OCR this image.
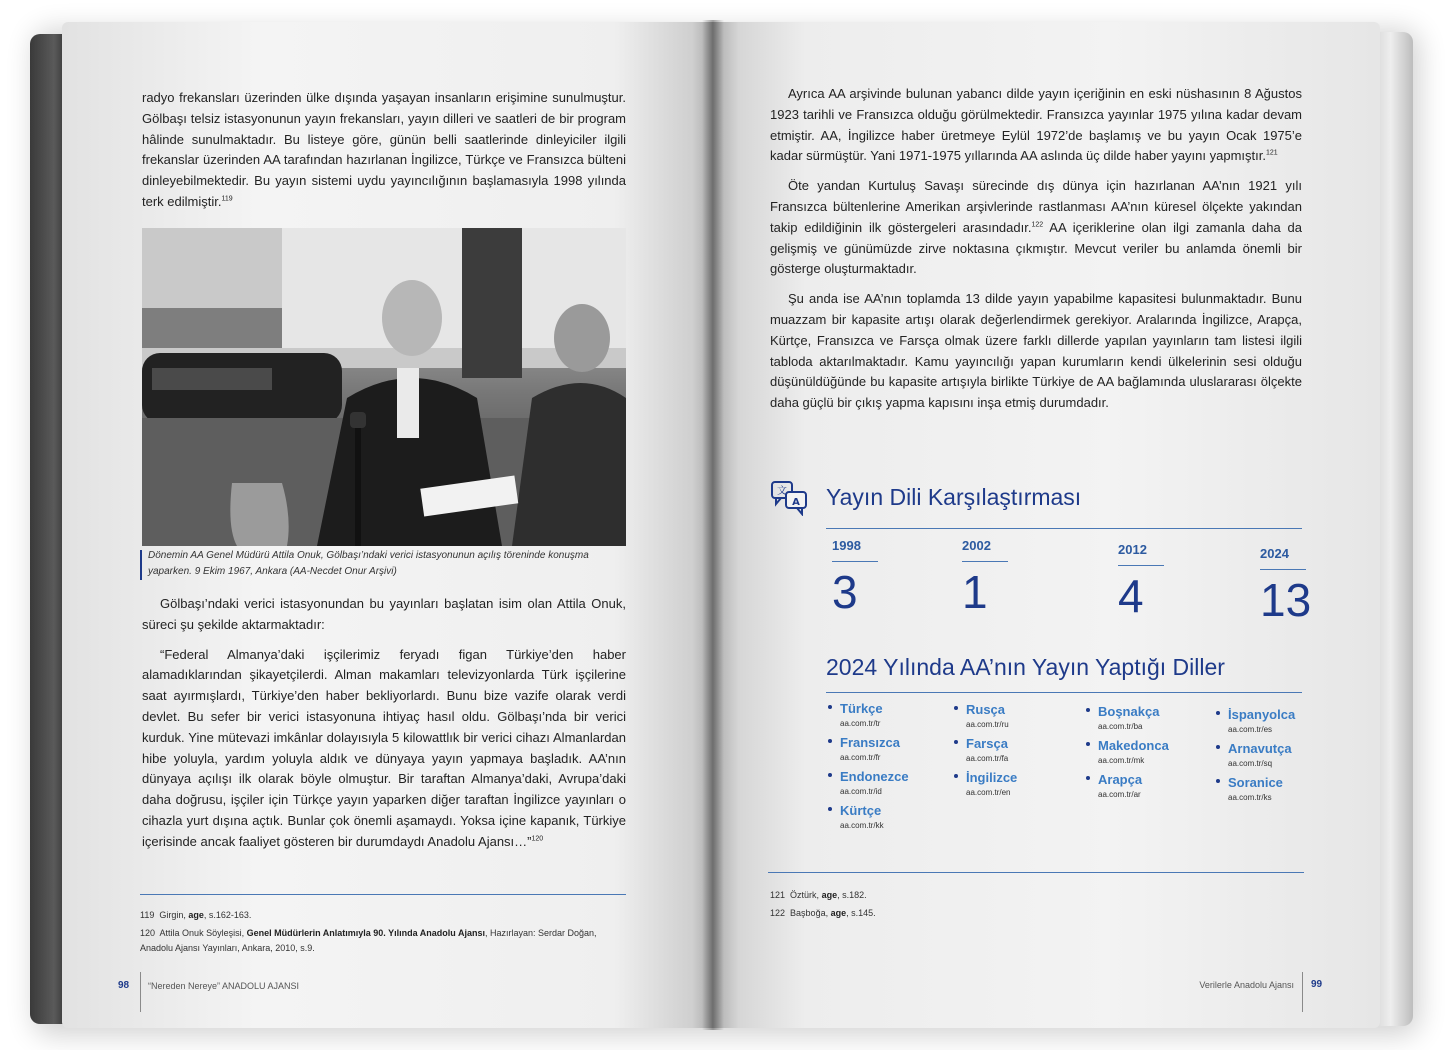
radyo frekansları üzerinden ülke dışında yaşayan insanların erişimine sunulmuştur. Gölbaşı telsiz istasyonunun yayın frekansları, yayın dilleri ve saatleri de bir program hâlinde sunulmaktadır. Bu listeye göre, günün belli saatlerinde dinleyiciler ilgili frekanslar üzerinden AA tarafından hazırlanan İngilizce, Türkçe ve Fransızca bülteni dinleyebilmektedir. Bu yayın sistemi uydu yayıncılığının başlamasıyla 1998 yılında terk edilmiştir.$^{119}$

Dönemin AA Genel Müdürü Attila Onuk, Gölbaşı’ndaki verici istasyonunun açılış töreninde konuşma yaparken. 9 Ekim 1967, Ankara (AA-Necdet Onur Arşivi)

Gölbaşı’ndaki verici istasyonundan bu yayınları başlatan isim olan Attila Onuk, süreci şu şekilde aktarmaktadır:

“Federal Almanya’daki işçilerimiz feryadı figan Türkiye’den haber alamadıklarından şikayetçilerdi. Alman makamları televizyonlarda Türk işçilerine saat ayırmışlardı, Türkiye’den haber bekliyorlardı. Bunu bize vazife olarak verdi devlet. Bu sefer bir verici istasyonuna ihtiyaç hasıl oldu. Gölbaşı’nda bir verici kurduk. Yine mütevazi imkânlar dolayısıyla 5 kilowattlık bir verici cihazı Almanlardan hibe yoluyla, yardım yoluyla aldık ve dünyaya yayın yapmaya başladık. AA’nın dünyaya açılışı ilk olarak böyle olmuştur. Bir taraftan Almanya’daki, Avrupa’daki daha doğrusu, işçiler için Türkçe yayın yaparken diğer taraftan İngilizce yayınları o cihazla yurt dışına açtık. Bunlar çok önemli aşamaydı. Yoksa içine kapanık, Türkiye içerisinde ancak faaliyet gösteren bir durumdaydı Anadolu Ajansı…”$^{120}$

119 Girgin, age, s.162-163.
120 Attila Onuk Söyleşisi, Genel Müdürlerin Anlatımıyla 90. Yılında Anadolu Ajansı, Hazırlayan: Serdar Doğan, Anadolu Ajansı Yayınları, Ankara, 2010, s.9.
98 “Nereden Nereye” ANADOLU AJANSI

Ayrıca AA arşivinde bulunan yabancı dilde yayın içeriğinin en eski nüshasının 8 Ağustos 1923 tarihli ve Fransızca olduğu görülmektedir. Fransızca yayınlar 1975 yılına kadar devam etmiştir. AA, İngilizce haber üretmeye Eylül 1972’de başlamış ve bu yayın Ocak 1975’e kadar sürmüştür. Yani 1971-1975 yıllarında AA aslında üç dilde haber yayını yapmıştır.$^{121}$

Öte yandan Kurtuluş Savaşı sürecinde dış dünya için hazırlanan AA’nın 1921 yılı Fransızca bültenlerine Amerikan arşivlerinde rastlanması AA’nın küresel ölçekte yakından takip edildiğinin ilk göstergeleri arasındadır.$^{122}$ AA içeriklerine olan ilgi zamanla daha da gelişmiş ve günümüzde zirve noktasına çıkmıştır. Mevcut veriler bu anlamda önemli bir gösterge oluşturmaktadır.

Şu anda ise AA’nın toplamda 13 dilde yayın yapabilme kapasitesi bulunmaktadır. Bunu muazzam bir kapasite artışı olarak değerlendirmek gerekiyor. Aralarında İngilizce, Arapça, Kürtçe, Fransızca ve Farsça olmak üzere farklı dillerde yapılan yayınların tam listesi ilgili tabloda aktarılmaktadır. Kamu yayıncılığı yapan kurumların kendi ülkelerinin sesi olduğu düşünüldüğünde bu kapasite artışıyla birlikte Türkiye de AA bağlamında uluslararası ölçekte daha güçlü bir çıkış yapma kapısını inşa etmiş durumdadır.

文
A Yayın Dili Karşılaştırması
1998
3
2002
1
2012
4
2024
13
2024 Yılında AA’nın Yayın Yaptığı Diller
Türkçe
aa.com.tr/tr
Fransızca
aa.com.tr/fr
Endonezce
aa.com.tr/id
Kürtçe
aa.com.tr/kk
Rusça
aa.com.tr/ru
Farsça
aa.com.tr/fa
İngilizce
aa.com.tr/en
Boşnakça
aa.com.tr/ba
Makedonca
aa.com.tr/mk
Arapça
aa.com.tr/ar
İspanyolca
aa.com.tr/es
Arnavutça
aa.com.tr/sq
Soranice
aa.com.tr/ks
121 Öztürk, age, s.182.
122 Başboğa, age, s.145.
Verilerle Anadolu Ajansı 99
